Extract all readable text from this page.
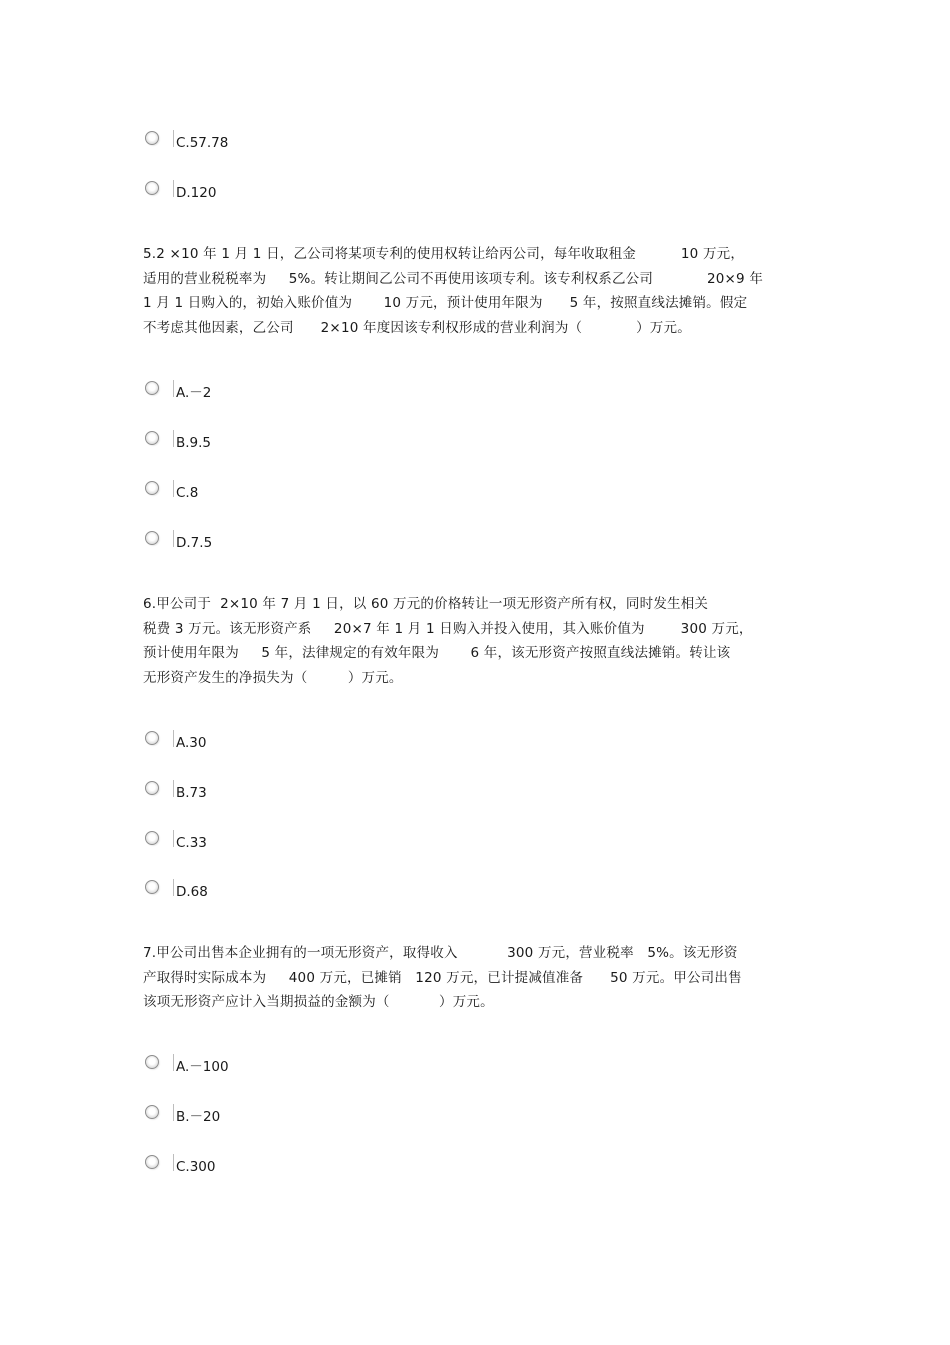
C.57.78
D.120
5.2 ×10 年 1 月 1 日，乙公司将某项专利的使用权转让给丙公司，每年收取租金          10 万元，
适用的营业税税率为     5%。转让期间乙公司不再使用该项专利。该专利权系乙公司            20×9 年
1 月 1 日购入的，初始入账价值为       10 万元，预计使用年限为      5 年，按照直线法摊销。假定
不考虑其他因素，乙公司      2×10 年度因该专利权形成的营业利润为（            ）万元。
A.－2
B.9.5
C.8
D.7.5
6.甲公司于  2×10 年 7 月 1 日，以 60 万元的价格转让一项无形资产所有权，同时发生相关
税费 3 万元。该无形资产系     20×7 年 1 月 1 日购入并投入使用，其入账价值为        300 万元，
预计使用年限为     5 年，法律规定的有效年限为       6 年，该无形资产按照直线法摊销。转让该
无形资产发生的净损失为（         ）万元。
A.30
B.73
C.33
D.68
7.甲公司出售本企业拥有的一项无形资产，取得收入           300 万元，营业税率   5%。该无形资
产取得时实际成本为     400 万元，已摊销   120 万元，已计提减值准备      50 万元。甲公司出售
该项无形资产应计入当期损益的金额为（           ）万元。
A.－100
B.－20
C.300
